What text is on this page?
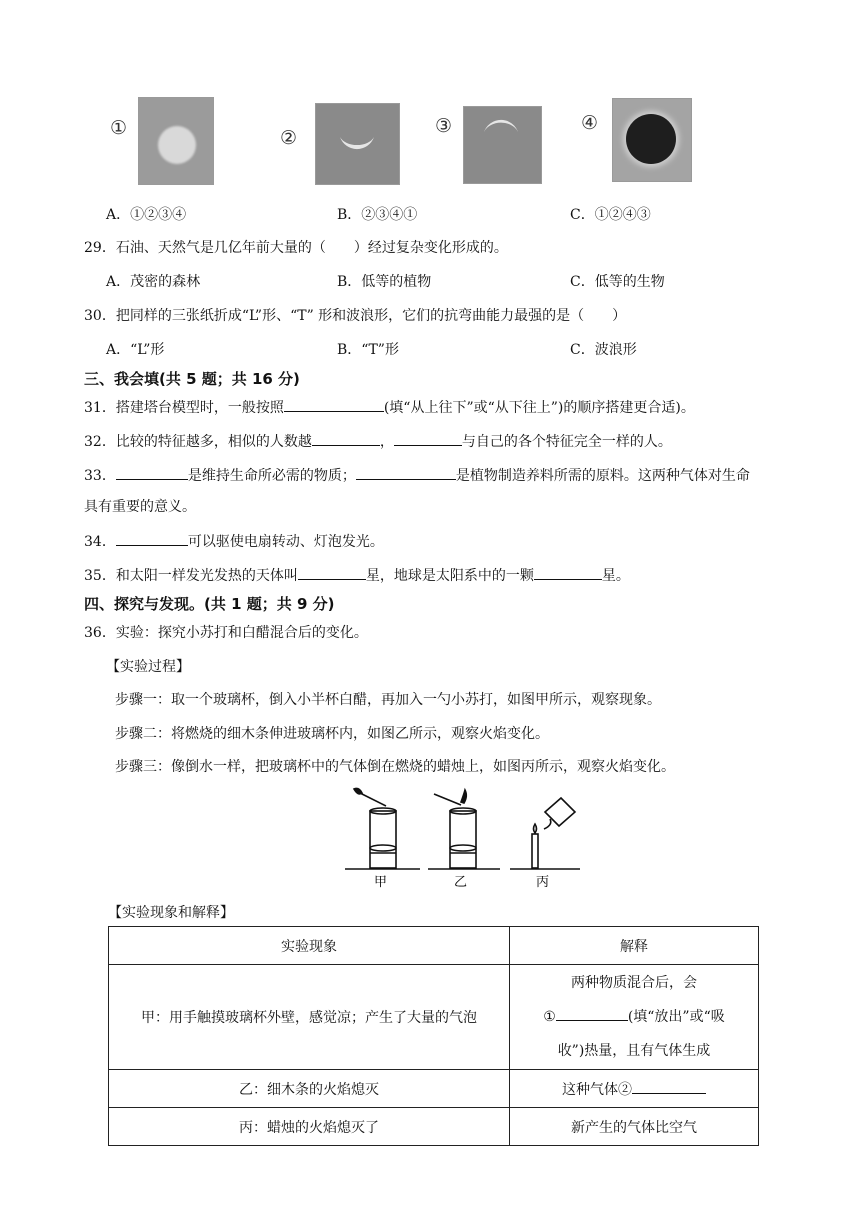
①	②
③	④
A．①②③④	B．②③④①	C．①②④③
29．石油、天然气是几亿年前大量的（　　）经过复杂变化形成的。
A．茂密的森林	B．低等的植物	C．低等的生物
30．把同样的三张纸折成“L”形、“T” 形和波浪形，它们的抗弯曲能力最强的是（　　）
A．“L”形	B．“T”形	C．波浪形
三、我会填(共 5 题；共 16 分)
31．搭建塔台模型时，一般按照	(填“从上往下”或“从下往上”)的顺序搭建更合适)。
32．比较的特征越多，相似的人数越	，	与自己的各个特征完全一样的人。
33．	是维持生命所必需的物质；	是植物制造养料所需的原料。这两种气体对生命
具有重要的意义。
34．	可以驱使电扇转动、灯泡发光。
35．和太阳一样发光发热的天体叫	星，地球是太阳系中的一颗	星。
四、探究与发现。(共 1 题；共 9 分)
36．实验：探究小苏打和白醋混合后的变化。
【实验过程】
步骤一：取一个玻璃杯，倒入小半杯白醋，再加入一勺小苏打，如图甲所示，观察现象。
步骤二：将燃烧的细木条伸进玻璃杯内，如图乙所示，观察火焰变化。
步骤三：像倒水一样，把玻璃杯中的气体倒在燃烧的蜡烛上，如图丙所示，观察火焰变化。
甲	乙	丙
【实验现象和解释】
实验现象	解释
甲：用手触摸玻璃杯外壁，感觉凉；产生了大量的气泡	两种物质混合后，会
① (填“放出”或“吸
收”)热量，且有气体生成

乙：细木条的火焰熄灭	这种气体②
丙：蜡烛的火焰熄灭了	新产生的气体比空气
